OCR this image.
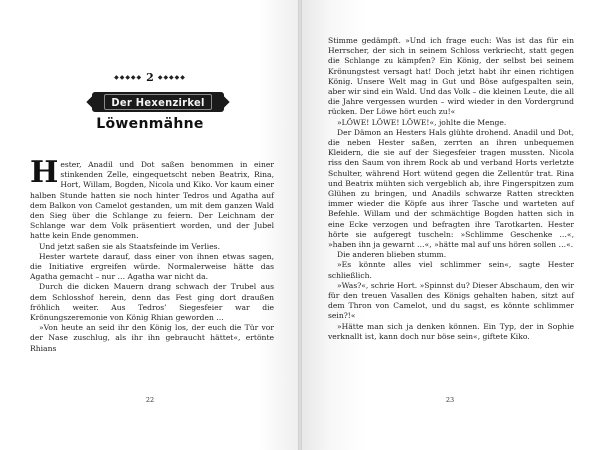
◆◆◆◆◆ 2 ◆◆◆◆◆
Der Hexenzirkel
Löwenmähne

Hester, Anadil und Dot saßen benommen in einer stinkenden Zelle, eingequetscht neben Beatrix, Rina, Hort, Willam, Bogden, Nicola und Kiko. Vor kaum einer halben Stunde hatten sie noch hinter Tedros und Agatha auf dem Balkon von Camelot gestanden, um mit dem ganzen Wald den Sieg über die Schlange zu feiern. Der Leichnam der Schlange war dem Volk präsentiert worden, und der Jubel hatte kein Ende genommen.

Und jetzt saßen sie als Staatsfeinde im Verlies.

Hester wartete darauf, dass einer von ihnen etwas sagen, die Initiative ergreifen würde. Normalerweise hätte das Agatha gemacht – nur … Agatha war nicht da.

Durch die dicken Mauern drang schwach der Trubel aus dem Schlosshof herein, denn das Fest ging dort draußen fröhlich weiter. Aus Tedros’ Siegesfeier war die Krönungszeremonie von König Rhian geworden …

»Von heute an seid ihr den König los, der euch die Tür vor der Nase zuschlug, als ihr ihn gebraucht hättet«, ertönte Rhians

22

Stimme gedämpft. »Und ich frage euch: Was ist das für ein Herrscher, der sich in seinem Schloss verkriecht, statt gegen die Schlange zu kämpfen? Ein König, der selbst bei seinem Krönungstest versagt hat! Doch jetzt habt ihr einen richtigen König. Unsere Welt mag in Gut und Böse aufgespalten sein, aber wir sind ein Wald. Und das Volk – die kleinen Leute, die all die Jahre vergessen wurden – wird wieder in den Vordergrund rücken. Der Löwe hört euch zu!«

»LÖWE! LÖWE! LÖWE!«, johlte die Menge.

Der Dämon an Hesters Hals glühte drohend. Anadil und Dot, die neben Hester saßen, zerrten an ihren unbequemen Kleidern, die sie auf der Siegesfeier tragen mussten. Nicola riss den Saum von ihrem Rock ab und verband Horts verletzte Schulter, während Hort wütend gegen die Zellentür trat. Rina und Beatrix mühten sich vergeblich ab, ihre Fingerspitzen zum Glühen zu bringen, und Anadils schwarze Ratten streckten immer wieder die Köpfe aus ihrer Tasche und warteten auf Befehle. Willam und der schmächtige Bogden hatten sich in eine Ecke verzogen und befragten ihre Tarotkarten. Hester hörte sie aufgeregt tuscheln: »Schlimme Geschenke …«, »haben ihn ja gewarnt …«, »hätte mal auf uns hören sollen …«.

Die anderen blieben stumm.

»Es könnte alles viel schlimmer sein«, sagte Hester schließlich.

»Was?«, schrie Hort. »Spinnst du? Dieser Abschaum, den wir für den treuen Vasallen des Königs gehalten haben, sitzt auf dem Thron von Camelot, und du sagst, es könnte schlimmer sein?!«

»Hätte man sich ja denken können. Ein Typ, der in Sophie verknallt ist, kann doch nur böse sein«, giftete Kiko.

23
